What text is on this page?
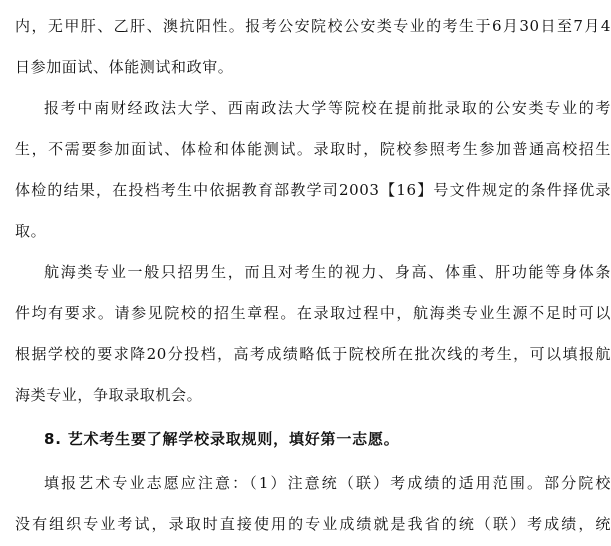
内，无甲肝、乙肝、澳抗阳性。报考公安院校公安类专业的考生于6月30日至7月4
日参加面试、体能测试和政审。
报考中南财经政法大学、西南政法大学等院校在提前批录取的公安类专业的考
生，不需要参加面试、体检和体能测试。录取时，院校参照考生参加普通高校招生
体检的结果，在投档考生中依据教育部教学司2003【16】号文件规定的条件择优录
取。
航海类专业一般只招男生，而且对考生的视力、身高、体重、肝功能等身体条
件均有要求。请参见院校的招生章程。在录取过程中，航海类专业生源不足时可以
根据学校的要求降20分投档，高考成绩略低于院校所在批次线的考生，可以填报航
海类专业，争取录取机会。
8. 艺术考生要了解学校录取规则，填好第一志愿。
填报艺术专业志愿应注意：（1）注意统（联）考成绩的适用范围。部分院校
没有组织专业考试，录取时直接使用的专业成绩就是我省的统（联）考成绩，统
